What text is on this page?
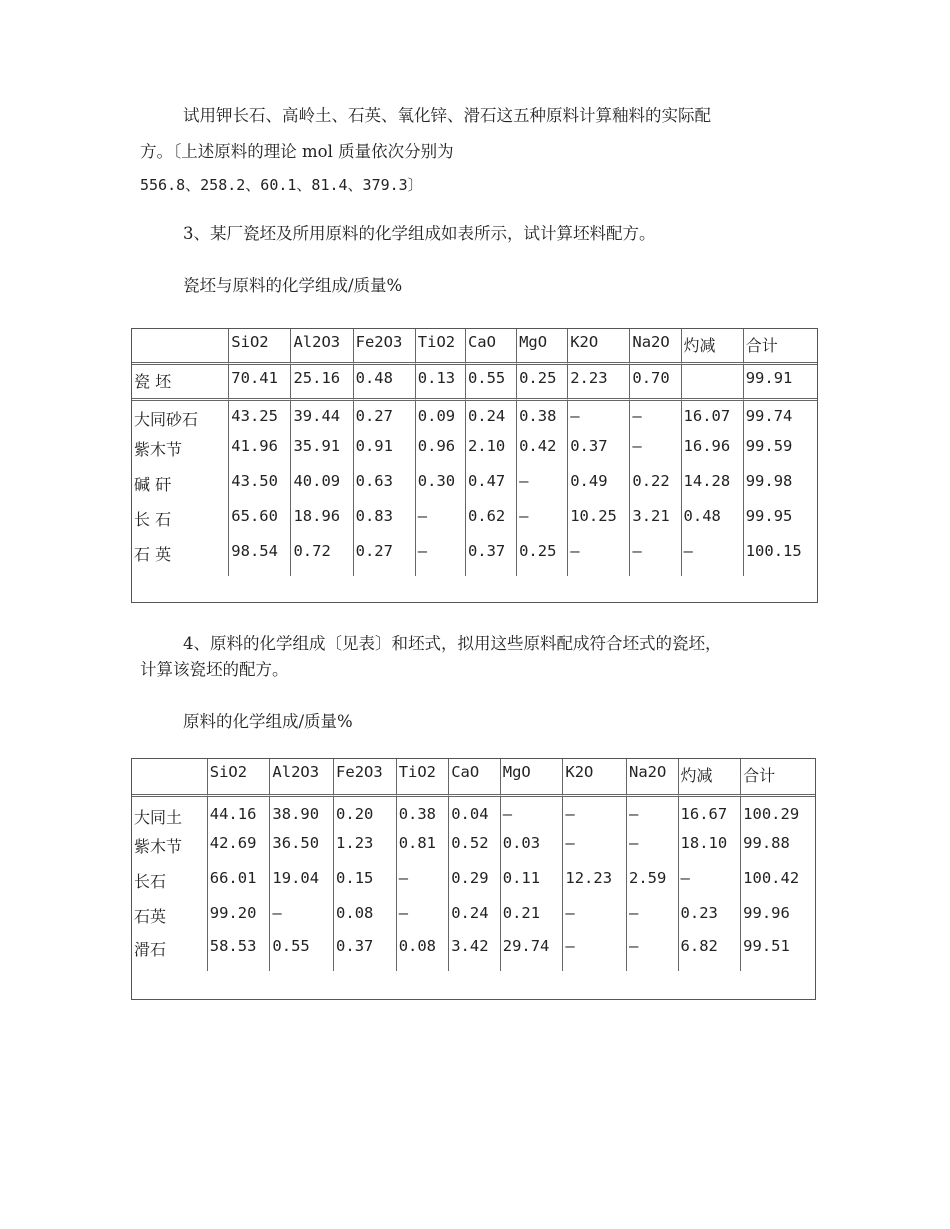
试用钾长石、高岭土、石英、氧化锌、滑石这五种原料计算釉料的实际配
方。〔上述原料的理论 mol 质量依次分别为
556.8、258.2、60.1、81.4、379.3〕
3、某厂瓷坯及所用原料的化学组成如表所示，试计算坯料配方。
瓷坯与原料的化学组成/质量%
	SiO2	Al2O3	Fe2O3	TiO2	CaO	MgO	K2O	Na2O	灼减	合计
瓷 坯	70.41	25.16	0.48	0.13	0.55	0.25	2.23	0.70		99.91
大同砂石	43.25	39.44	0.27	0.09	0.24	0.38	–	–	16.07	99.74
紫木节	41.96	35.91	0.91	0.96	2.10	0.42	0.37	–	16.96	99.59
碱 矸	43.50	40.09	0.63	0.30	0.47	–	0.49	0.22	14.28	99.98
长 石	65.60	18.96	0.83	–	0.62	–	10.25	3.21	0.48	99.95
石 英	98.54	0.72	0.27	–	0.37	0.25	–	–	–	100.15

4、原料的化学组成〔见表〕和坯式，拟用这些原料配成符合坯式的瓷坯，
计算该瓷坯的配方。
原料的化学组成/质量%
	SiO2	Al2O3	Fe2O3	TiO2	CaO	MgO	K2O	Na2O	灼减	合计
大同土	44.16	38.90	0.20	0.38	0.04	–	–	–	16.67	100.29
紫木节	42.69	36.50	1.23	0.81	0.52	0.03	–	–	18.10	99.88
长石	66.01	19.04	0.15	–	0.29	0.11	12.23	2.59	–	100.42
石英	99.20	–	0.08	–	0.24	0.21	–	–	0.23	99.96
滑石	58.53	0.55	0.37	0.08	3.42	29.74	–	–	6.82	99.51
